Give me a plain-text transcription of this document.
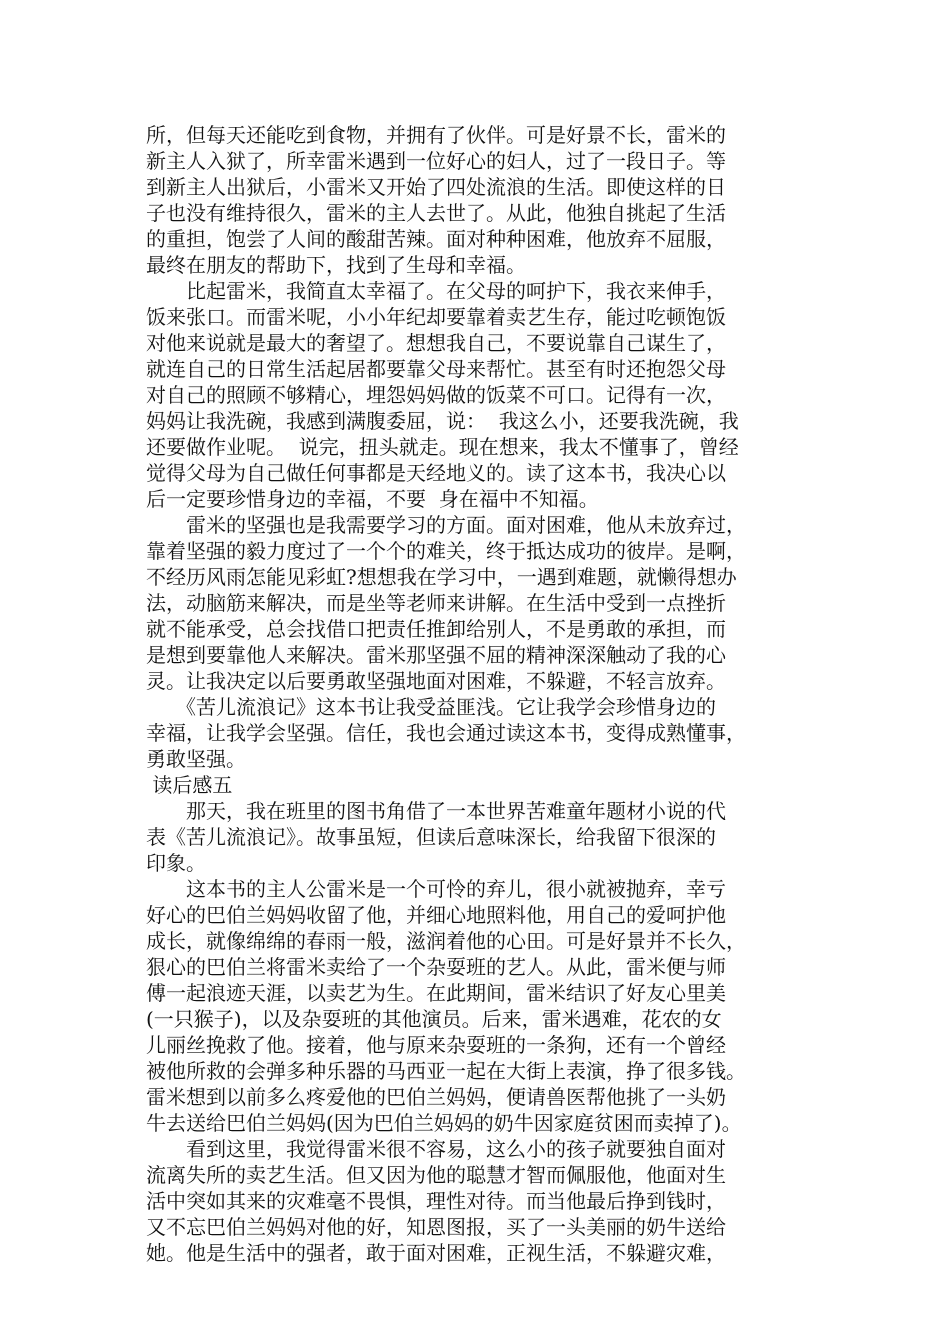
所，但每天还能吃到食物，并拥有了伙伴。可是好景不长，雷米的
新主人入狱了，所幸雷米遇到一位好心的妇人，过了一段日子。等
到新主人出狱后，小雷米又开始了四处流浪的生活。即使这样的日
子也没有维持很久，雷米的主人去世了。从此，他独自挑起了生活
的重担，饱尝了人间的酸甜苦辣。面对种种困难，他放弃不屈服，
最终在朋友的帮助下，找到了生母和幸福。
　　比起雷米，我简直太幸福了。在父母的呵护下，我衣来伸手，
饭来张口。而雷米呢，小小年纪却要靠着卖艺生存，能过吃顿饱饭
对他来说就是最大的奢望了。想想我自己，不要说靠自己谋生了，
就连自己的日常生活起居都要靠父母来帮忙。甚至有时还抱怨父母
对自己的照顾不够精心，埋怨妈妈做的饭菜不可口。记得有一次，
妈妈让我洗碗，我感到满腹委屈，说：  我这么小，还要我洗碗，我
还要做作业呢。  说完，扭头就走。现在想来，我太不懂事了，曾经
觉得父母为自己做任何事都是天经地义的。读了这本书，我决心以
后一定要珍惜身边的幸福，不要  身在福中不知福。
　　雷米的坚强也是我需要学习的方面。面对困难，他从未放弃过，
靠着坚强的毅力度过了一个个的难关，终于抵达成功的彼岸。是啊，
不经历风雨怎能见彩虹?想想我在学习中，一遇到难题，就懒得想办
法，动脑筋来解决，而是坐等老师来讲解。在生活中受到一点挫折
就不能承受，总会找借口把责任推卸给别人，不是勇敢的承担，而
是想到要靠他人来解决。雷米那坚强不屈的精神深深触动了我的心
灵。让我决定以后要勇敢坚强地面对困难，不躲避，不轻言放弃。
　　《苦儿流浪记》这本书让我受益匪浅。它让我学会珍惜身边的
幸福，让我学会坚强。信任，我也会通过读这本书，变得成熟懂事，
勇敢坚强。
读后感五
　　那天，我在班里的图书角借了一本世界苦难童年题材小说的代
表《苦儿流浪记》。故事虽短，但读后意味深长，给我留下很深的
印象。
　　这本书的主人公雷米是一个可怜的弃儿，很小就被抛弃，幸亏
好心的巴伯兰妈妈收留了他，并细心地照料他，用自己的爱呵护他
成长，就像绵绵的春雨一般，滋润着他的心田。可是好景并不长久，
狠心的巴伯兰将雷米卖给了一个杂耍班的艺人。从此，雷米便与师
傅一起浪迹天涯，以卖艺为生。在此期间，雷米结识了好友心里美
(一只猴子)，以及杂耍班的其他演员。后来，雷米遇难，花农的女
儿丽丝挽救了他。接着，他与原来杂耍班的一条狗，还有一个曾经
被他所救的会弹多种乐器的马西亚一起在大街上表演，挣了很多钱。
雷米想到以前多么疼爱他的巴伯兰妈妈，便请兽医帮他挑了一头奶
牛去送给巴伯兰妈妈(因为巴伯兰妈妈的奶牛因家庭贫困而卖掉了)。
　　看到这里，我觉得雷米很不容易，这么小的孩子就要独自面对
流离失所的卖艺生活。但又因为他的聪慧才智而佩服他，他面对生
活中突如其来的灾难毫不畏惧，理性对待。而当他最后挣到钱时，
又不忘巴伯兰妈妈对他的好，知恩图报，买了一头美丽的奶牛送给
她。他是生活中的强者，敢于面对困难，正视生活，不躲避灾难，
